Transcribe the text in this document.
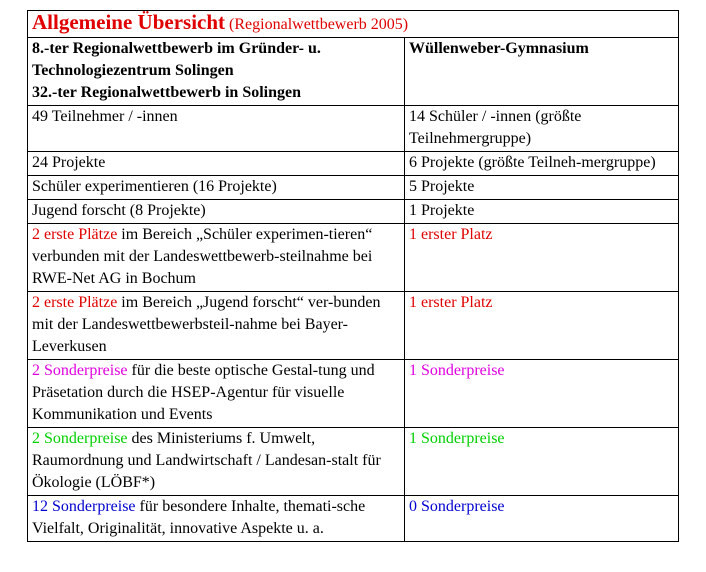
Allgemeine Übersicht (Regionalwettbewerb 2005)	

8.-ter Regionalwettbewerb im Gründer- u.
Technologiezentrum Solingen
32.-ter Regionalwettbewerb in Solingen	Wüllenweber-Gymnasium
49 Teilnehmer / -innen	14 Schüler / -innen (größte Teilnehmergruppe)
24 Projekte	6 Projekte (größte Teilneh-mergruppe)
Schüler experimentieren (16 Projekte)	5 Projekte
Jugend forscht (8 Projekte)	1 Projekte
2 erste Plätze im Bereich „Schüler experimen-tieren“ verbunden mit der Landeswettbewerb-steilnahme bei RWE-Net AG in Bochum	1 erster Platz
2 erste Plätze im Bereich „Jugend forscht“ ver-bunden mit der Landeswettbewerbsteil-nahme bei Bayer-Leverkusen	1 erster Platz
2 Sonderpreise für die beste optische Gestal-tung und Präsetation durch die HSEP-Agentur für visuelle Kommunikation und Events	1 Sonderpreise
2 Sonderpreise des Ministeriums f. Umwelt, Raumordnung und Landwirtschaft / Landesan-stalt für Ökologie (LÖBF*)	1 Sonderpreise
12 Sonderpreise für besondere Inhalte, themati-sche Vielfalt, Originalität, innovative Aspekte u. a.	0 Sonderpreise
